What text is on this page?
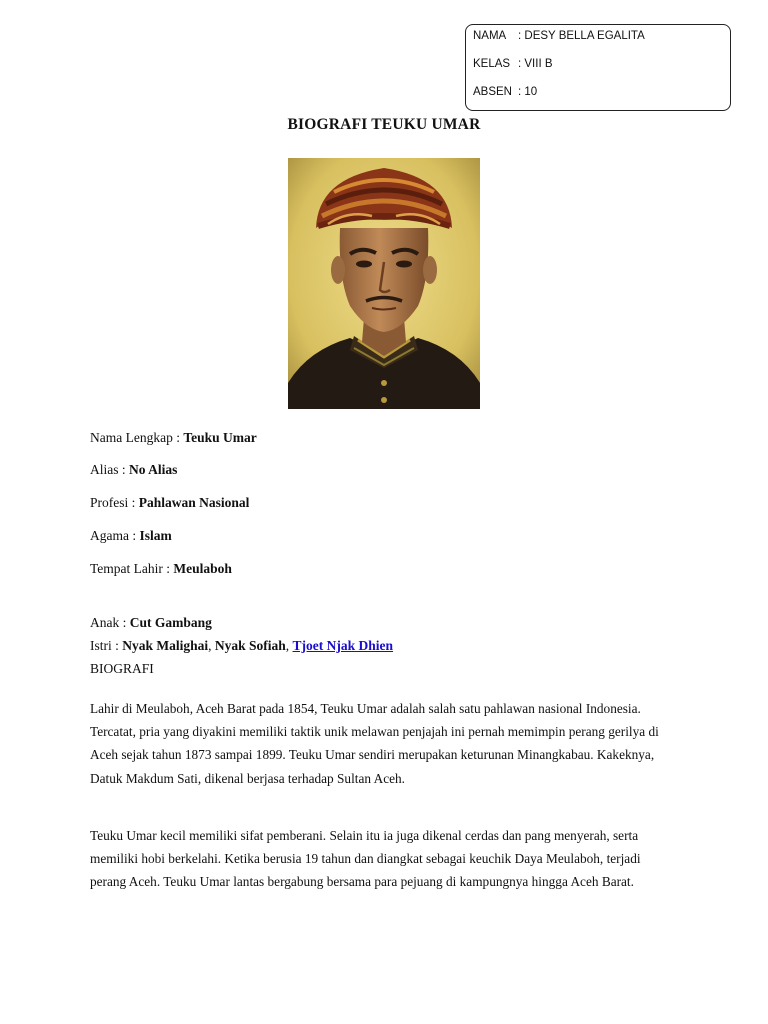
NAMA	: DESY BELLA EGALITA
KELAS : VIII B
ABSEN : 10
BIOGRAFI TEUKU UMAR
Nama Lengkap : Teuku Umar
Alias : No Alias
Profesi : Pahlawan Nasional
Agama : Islam
Tempat Lahir : Meulaboh
Anak : Cut Gambang
Istri : Nyak Malighai, Nyak Sofiah, Tjoet Njak Dhien
BIOGRAFI
Lahir di Meulaboh, Aceh Barat pada 1854, Teuku Umar adalah salah satu pahlawan nasional Indonesia. Tercatat, pria yang diyakini memiliki taktik unik melawan penjajah ini pernah memimpin perang gerilya di Aceh sejak tahun 1873 sampai 1899. Teuku Umar sendiri merupakan keturunan Minangkabau. Kakeknya, Datuk Makdum Sati, dikenal berjasa terhadap Sultan Aceh.
Teuku Umar kecil memiliki sifat pemberani. Selain itu ia juga dikenal cerdas dan pang menyerah, serta memiliki hobi berkelahi. Ketika berusia 19 tahun dan diangkat sebagai keuchik Daya Meulaboh, terjadi perang Aceh. Teuku Umar lantas bergabung bersama para pejuang di kampungnya hingga Aceh Barat.
